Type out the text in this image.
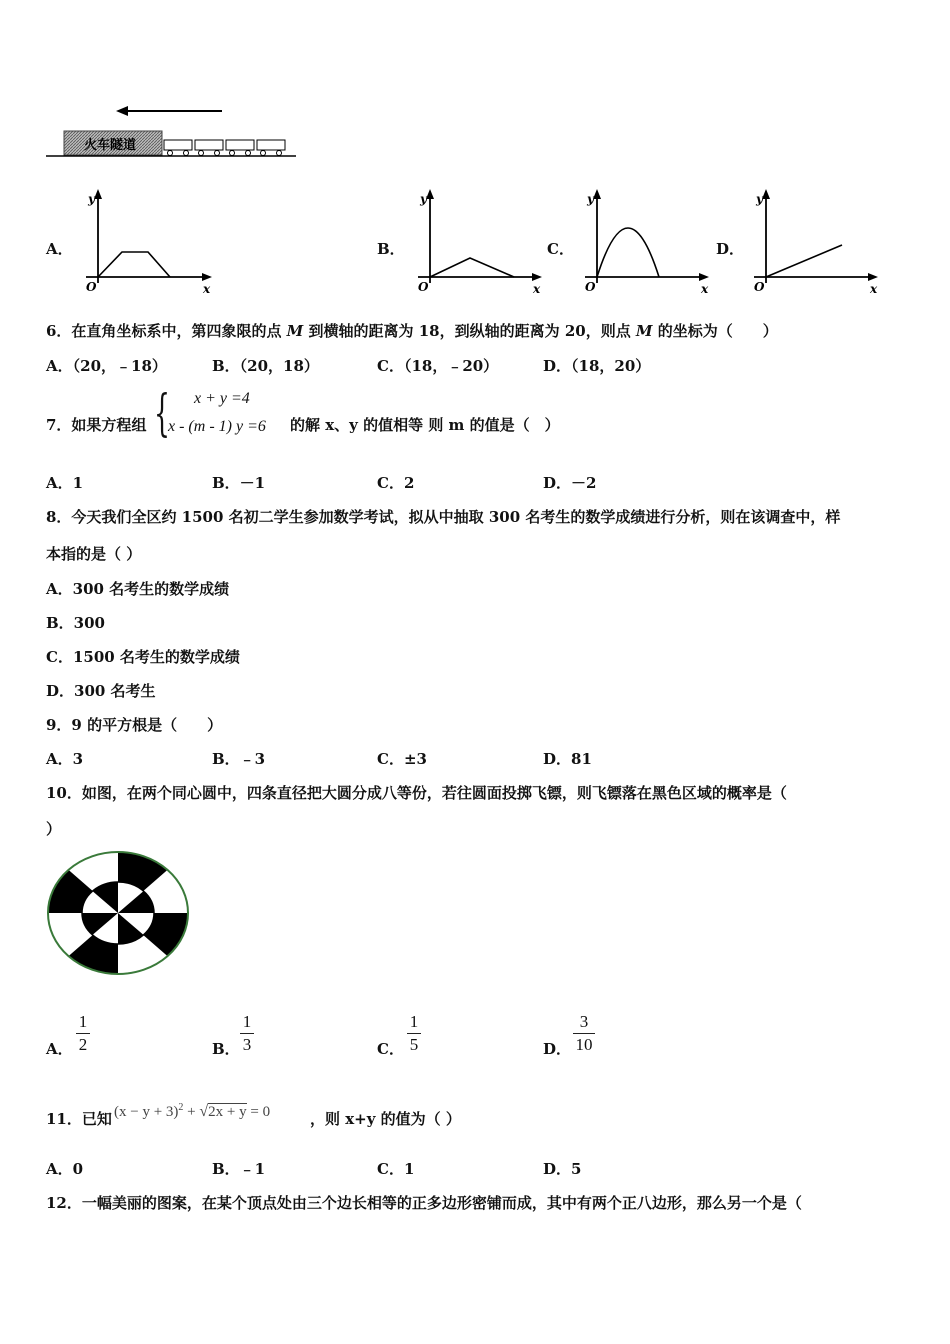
火车隧道
A．
y
O	x
B．
y
O	x
C．
y
O	x
D．
y
O	x
6．在直角坐标系中，第四象限的点 M 到横轴的距离为 18，到纵轴的距离为 20，则点 M 的坐标为（　　）
A．（20，﹣18）	B．（20，18）	C．（18，﹣20）	D．（18，20）
7．如果方程组 { x + y =4
x - (m - 1) y =6 的解 x、y 的值相等 则 m 的值是（　）
A．1	B．－1	C．2	D．－2
8．今天我们全区约 1500 名初二学生参加数学考试，拟从中抽取 300 名考生的数学成绩进行分析，则在该调查中，样
本指的是（ ）
A．300 名考生的数学成绩
B．300
C．1500 名考生的数学成绩
D．300 名考生
9．9 的平方根是（　　）
A．3	B．﹣3	C．±3	D．81
10．如图，在两个同心圆中，四条直径把大圆分成八等份，若往圆面投掷飞镖，则飞镖落在黑色区域的概率是（
）
A．
1
2	B．
1
3	C．
1
5	D．
3
10
11．已知 $(x - y + 3)^2 + √2x + y = 0$	，则 x+y 的值为（ ）
A．0	B．﹣1	C．1	D．5
12．一幅美丽的图案，在某个顶点处由三个边长相等的正多边形密铺而成，其中有两个正八边形，那么另一个是（
